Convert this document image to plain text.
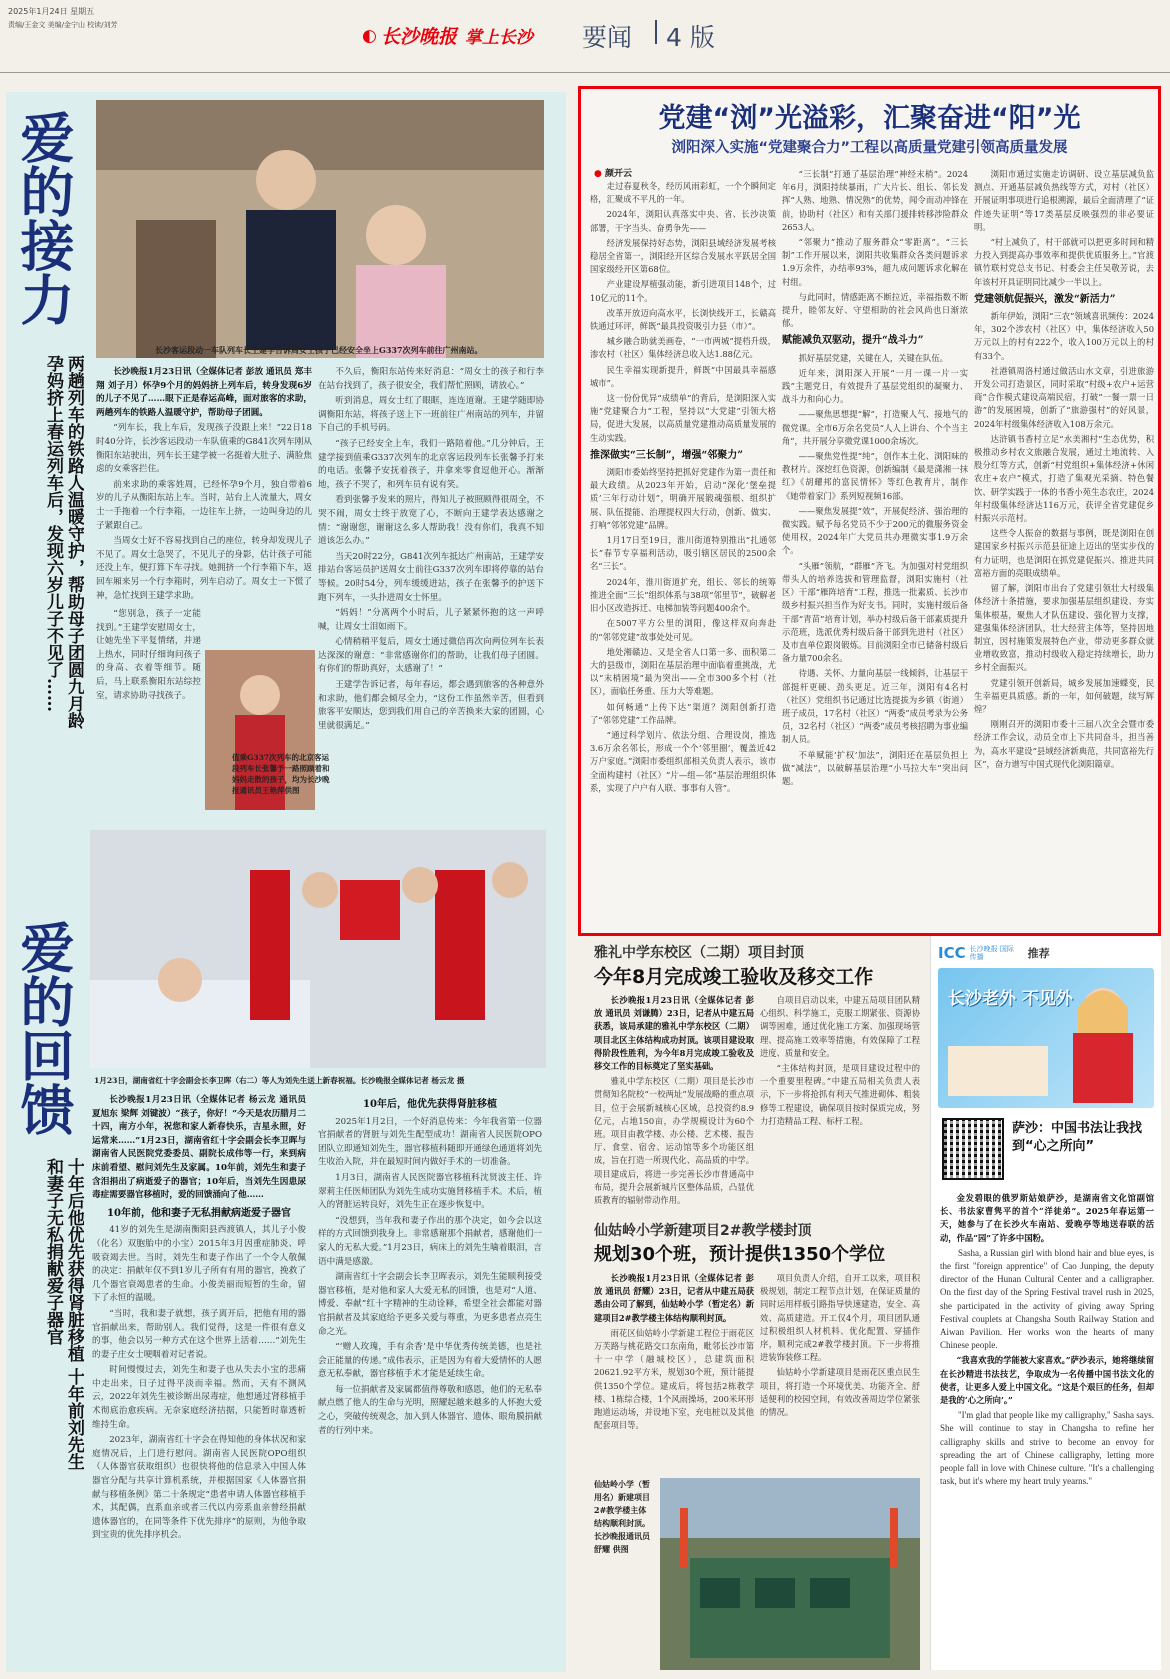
2025年1月24日 星期五
责编/王金文 美编/金宁山 校读/刘芳
◐ 长沙晚报 掌上长沙 要闻 4 版
爱的接力
两趟列车的铁路人温暖守护，帮助母子团圆九月龄孕妈挤上春运列车后，发现六岁儿子不见了……
长沙客运段动一车队列车长王建学告诉周女士孩子已经安全坐上G337次列车前往广州南站。

长沙晚报1月23日讯（全媒体记者 彭放 通讯员 郑丰翔 刘子月）怀孕9个月的妈妈挤上列车后，转身发现6岁的儿子不见了……眼下正是春运高峰，面对旅客的求助，两趟列车的铁路人温暖守护，帮助母子团圆。

“列车长，我上车后，发现孩子没跟上来！”22日18时40分许，长沙客运段动一车队值乘的G841次列车刚从衡阳东站驶出，列车长王建学被一名挺着大肚子、满脸焦虑的女乘客拦住。

前来求助的乘客姓周，已经怀孕9个月，独自带着6岁的儿子从衡阳东站上车。当时，站台上人流量大，周女士一手拖着一个行李箱，一边往车上挤，一边叫身边的儿子紧跟自己。

当周女士好不容易找到自己的座位，转身却发现儿子不见了。周女士急哭了，不见儿子的身影，估计孩子可能还没上车，便打算下车寻找。她拥挤一个行李箱下车，返回车厢来另一个行李箱时，列车启动了。周女士一下慌了神，急忙找到王建学求助。

“您别急，孩子一定能找到。”王建学安慰周女士，让她先坐下平复情绪，并递上热水，同时仔细询问孩子的身高、衣着等细节。随后，马上联系衡阳东站综控室，请求协助寻找孩子。

不久后，衡阳东站传来好消息：“周女士的孩子和行李在站台找到了，孩子很安全，我们帮忙照顾，请放心。”

听到消息，周女士红了眼眶，连连道谢。王建学随即协调衡阳东站，将孩子送上下一班前往广州南站的列车，并留下自己的手机号码。

“孩子已经安全上车，我们一路陪着他。”几分钟后，王建学接到值乘G337次列车的北京客运段列车长张馨予打来的电话。张馨予安抚着孩子，并拿来零食逗他开心。渐渐地，孩子不哭了，和列车员有说有笑。

看到张馨予发来的照片，得知儿子被照顾得很周全，不哭不闹，周女士终于放宽了心，不断向王建学表达感谢之情：“谢谢您，谢谢这么多人帮助我！没有你们，我真不知道该怎么办。”

当天20时22分，G841次列车抵达广州南站，王建学安排站台客运员护送周女士前往G337次列车即将停靠的站台等候。20时54分，列车缓缓进站，孩子在张馨予的护送下跑下列车，一头扑进周女士怀里。

“妈妈！”分离两个小时后，儿子紧紧怀抱的这一声呼喊，让周女士泪如雨下。

心情稍稍平复后，周女士通过微信再次向两位列车长表达深深的谢意：“非常感谢你们的帮助，让我们母子团圆。有你们的帮助真好，太感谢了！”

王建学告诉记者，每年春运，都会遇到旅客的各种意外和求助，他们都会倾尽全力，“这份工作虽然辛苦，但看到旅客平安顺达，您到我们用自己的辛苦换来大家的团圆，心里就很满足。”

值乘G337次列车的北京客运段列车长张馨予一路照顾着和妈妈走散的孩子，均为长沙晚报通讯员王艳萍供图
1月23日，湖南省红十字会副会长李卫晖（右二）等人为刘先生送上新春祝福。长沙晚报全媒体记者 杨云龙 摄
爱的回馈
十年后他优先获得肾脏移植 十年前刘先生和妻子无私捐献爱子器官

长沙晚报1月23日讯（全媒体记者 杨云龙 通讯员 夏旭东 梁辉 刘键波）“孩子，你好！”今天是农历腊月二十四，南方小年，祝您和家人新春快乐，吉星永照，好运常来……”1月23日，湖南省红十字会副会长李卫晖与湖南省人民医院党委委员、副院长成伟等一行，来到病床前看望、慰问刘先生及家属。10年前，刘先生和妻子含泪捐出了病逝爱子的器官；10年后，当刘先生因患尿毒症需要器官移植时，爱的回馈涌向了他……

10年前，他和妻子无私捐献病逝爱子器官

41岁的刘先生是湖南衡阳县西渡镇人，其儿子小俊（化名）双胞胎中的小宝）2015年3月因重症肺炎、呼吸衰竭去世。当时，刘先生和妻子作出了一个令人敬佩的决定：捐献年仅不到1岁儿子所有有用的器官，挽救了几个器官衰竭患者的生命。小俊美丽而短暂的生命，留下了永恒的温暖。

“当时，我和妻子就想，孩子离开后，把他有用的器官捐献出来，帮助别人。我们觉得，这是一件很有意义的事，他会以另一种方式在这个世界上活着……”刘先生的妻子庄女士哽咽着对记者说。

时间慢慢过去，刘先生和妻子也从失去小宝的悲痛中走出来，日子过得平淡而幸福。然而，天有不测风云，2022年刘先生被诊断出尿毒症，他想通过肾移植手术彻底治愈疾病。无奈家庭经济拮据，只能暂时靠透析维持生命。

2023年，湖南省红十字会在得知他的身体状况和家庭情况后，上门进行慰问。湖南省人民医院OPO组织（人体器官获取组织）也很快将他的信息录入中国人体器官分配与共享计算机系统，并根据国家《人体器官捐献与移植条例》第二十条规定“患者申请人体器官移植手术，其配偶，直系血亲或者三代以内旁系血亲曾经捐献遗体器官的，在同等条件下优先排序”的原则，为他争取到宝贵的优先排序机会。

10年后，他优先获得肾脏移植

2025年1月2日，一个好消息传来：今年我省第一位器官捐献者的肾脏与刘先生配型成功！湖南省人民医院OPO团队立即通知刘先生，器官移植科随即开通绿色通道将刘先生收治入院，并在最短时间内做好手术的一切准备。

1月3日，湖南省人民医院器官移植科沈贤波主任、许翠莉主任医师团队为刘先生成功实施肾移植手术。术后，植入的肾脏运转良好，刘先生正在逐步恢复中。

“没想到，当年我和妻子作出的那个决定，如今会以这样的方式回馈到我身上。非常感谢那个捐献者，感谢他们一家人的无私大爱。”1月23日，病床上的刘先生噙着眼泪，言语中满是感激。

湖南省红十字会副会长李卫晖表示，刘先生能顺利接受器官移植，是对他和家人大爱无私的回馈，也是对“人道、博爱、奉献”红十字精神的生动诠释，希望全社会都能对器官捐献者及其家庭给予更多关爱与尊重，为更多患者点亮生命之光。

“‘赠人玫瑰，手有余香’是中华优秀传统美德，也是社会正能量的传递。”成伟表示，正是因为有着大爱情怀的人愿意无私奉献，器官移植手术才能是延续生命。

每一位捐献者及家属都值得尊敬和感恩，他们的无私奉献点燃了他人的生命与光明，照耀起越来越多的人怀抱大爱之心，突破传统观念，加入到人体器官、遗体、眼角膜捐献者的行列中来。

党建“浏”光溢彩，汇聚奋进“阳”光
浏阳深入实施“党建聚合力”工程以高质量党建引领高质量发展
● 颜开云

走过春夏秋冬，经历风雨彩虹，一个个瞬间定格，汇聚成不平凡的一年。

2024年，浏阳认真落实中央、省、长沙决策部署，干字当头、奋勇争先——

经济发展保持好态势，浏阳县域经济发展考核稳居全省第一，浏阳经开区综合发展水平跃居全国国家级经开区第68位。

产业建设厚植强动能，新引进项目148个，过10亿元的11个。

改革开放迈向高水平，长浏快线开工，长赣高铁通过环评，鲜既“最具投资吸引力县（市）”。

城乡融合助就美画卷，“一市两城”提档升级，渗农村（社区）集体经济总收入达1.88亿元。

民生幸福实现新提升，鲜既“中国最具幸福感城市”。

这一份份优异“成绩单”的背后，是浏阳深入实施“党建聚合力”工程，坚持以“大党建”引领大格局，促进大发展，以高质量党建推动高质量发展的生动实践。

推深做实“三长制”，增强“邻聚力”

浏阳市委始终坚持把抓好党建作为第一责任和最大政绩。从2023年开始，启动“深化‘堡垒提质’三年行动计划”，明确开展锻魂强根、组织扩展、队伍提能、治理提权四大行动，创新、做实、打响“邻邻党建”品牌。

1月17日至19日，淮川街道特别推出“扎通邻长”春节专享福利活动，吸引辖区居民的2500余名“三长”。

2024年，淮川街道扩充，组长、邻长的统筹推进全面“三长”组织体系与38项“邻里节”，破解老旧小区改造拆迁、电梯加装等问题400余个。

在5007平方公里的浏阳，像这样双向奔赴的“邻邻党建”故事处处可见。

地处湘赣边、又是全省人口第一多、面积第二大的县级市，浏阳在基层治理中面临着重挑战，尤以“末梢困境”最为突出——全市300多个村（社区），面临任务重、压力大等难题。

如何畅通“上传下达”渠道？浏阳创新打造了“邻邻党建”工作品牌。

“通过科学划片、依法分组、合理设岗，推选3.6万余名邻长，形成一个个‘邻里圈’，覆盖近42万户家庭。”浏阳市委组织部相关负责人表示，该市全面构建村（社区）“片—组—邻”基层治理组织体系，实现了户户有人联、事事有人管”。

“三长制”打通了基层治理“神经末梢”。2024年6月，浏阳持续暴雨，广大片长、组长、邻长发挥“人熟、地熟、情况熟”的优势，闻令而动冲锋在前，协助村（社区）和有关部门援排转移涉险群众2653人。

“邻聚力”推动了服务群众“零距离”。“三长制”工作开展以来，浏阳共收集群众各类问题诉求1.9万余件，办结率93%，超九成问题诉求化解在村组。

与此同时，情感距离不断拉近，幸福指数不断提升，睦邻友好、守望相助的社会风尚也日渐浓郁。

赋能减负双驱动，提升“战斗力”

抓好基层党建，关键在人，关键在队伍。

近年来，浏阳深入开展“一月一课一片一实践”主题党日，有效提升了基层党组织的凝聚力、战斗力和向心力。

——聚焦思想提“解”，打造聚人气、接地气的微党课。全市6万余名党员“人人上讲台、个个当主角”，共开展分享微党课1000余场次。

——聚焦党性提“纯”，创作本土化、浏阳味的教材片。深挖红色资源，创新编制《最是潇湘一抹红》《胡耀邦的富民情怀》等红色教育片，制作《她带着家门》系列短视频16部。

——聚焦发展提“效”，开展促经济、强治理的微实践。赋予每名党员不少于200元的微服务资金使用权，2024年广大党员共办理微实事1.9万余个。

“头雁”领航，“群雁”齐飞。为加强对村党组织带头人的培养选拔和管理监督，浏阳实施村（社区）干部“雁阵培育”工程，推选一批素质、长沙市级乡村振兴担当作为好支书。同时，实施村级后备干部“青苗”培育计划，举办村级后备干部素质提升示范班，选派优秀村级后备干部到先进村（社区）及市直单位跟岗锻炼。目前浏阳全市已储备村级后备力量700余名。

待遇、关怀、力量向基层一线倾斜，让基层干部挺杆更硬、劲头更足。近三年，浏阳有4名村（社区）党组织书记通过比选提拔为乡镇（街道）班子成员，17名村（社区）“两委”成员考录为公务员，32名村（社区）“两委”成员考核招聘为事业编制人员。

不单赋能‘扩权’加法”，浏阳还在基层负担上做“减法”，以破解基层治理“小马拉大车”突出问题。

浏阳市通过实施走访调研、设立基层减负监测点、开通基层减负热线等方式，对村（社区）开展证明事项进行追根溯源，最后全面清理了“证件迹失证明”等17类基层反映强烈的非必要证明。

“村上减负了，村干部就可以把更多时间和精力投入到提高办事效率和提供优质服务上。”官渡镇竹联村党总支书记、村委会主任吴敬芳说，去年该村开具证明同比减少一半以上。

党建领航促振兴，激发“新活力”

新年伊始，浏阳“三农”领域喜讯频传：2024年，302个涉农村（社区）中，集体经济收入50万元以上的村有222个，收入100万元以上的村有33个。

社港镇周洛村通过做活山水文章，引进旅游开发公司打造景区，同时采取“村级+农户+运营商”合作模式建设高端民宿，打破“一餐一票一日游”的发展困境，创新了“旅游强村”的好风景，2024年村级集体经济收入108万余元。

达浒镇书香村立足“水美湘村”生态优势，积极推动乡村农文旅融合发展，通过土地流转、入股分红等方式，创新“村党组织+集体经济+休闲农庄+农户”模式，打造了集观光采摘、特色餐饮、研学实践于一体的书香小苑生态农庄，2024年村级集体经济达116万元，获评全省党建促乡村振兴示范村。

这些令人振奋的数据与事例，既是浏阳在创建国家乡村振兴示范县征途上迈出的坚实步伐的有力证明，也是浏阳在抓党建促振兴、推进共同富裕方面的亮眼成绩单。

留了解，浏阳市出台了党建引领壮大村级集体经济十条措施，要求加强基层组织建设、夯实集体根基，聚焦人才队伍建设、强化智力支撑，建强集体经济团队，壮大经营主体等，坚持因地制宜，因村施策发展特色产业，带动更多群众就业增收致富，推动村级收入稳定持续增长，助力乡村全面振兴。

党建引领开创新局，城乡发展加速蝶变，民生幸福更具质感。新的一年，如何破题，续写辉煌？

刚刚召开的浏阳市委十三届八次全会暨市委经济工作会议，动员全市上下共同奋斗，担当善为，高水平建设“县域经济新典范，共同富裕先行区”，奋力谱写中国式现代化浏阳篇章。

雅礼中学东校区（二期）项目封顶
今年8月完成竣工验收及移交工作

长沙晚报1月23日讯（全媒体记者 彭放 通讯员 刘谦腾）23日，记者从中建五局获悉，该局承建的雅礼中学东校区（二期）项目北区主体结构成功封顶。该项目建设取得阶段性胜利，为今年8月完成竣工验收及移交工作的目标奠定了坚实基础。

雅礼中学东校区（二期）项目是长沙市贯彻知名院校“一校两址”发展战略的重点项目，位于会展新城核心区域，总投资约8.9亿元，占地150亩，办学规模设计为60个班。项目由教学楼、办公楼、艺术楼、报告厅、食堂、宿舍、运动馆等多个功能区组成，旨在打造一所现代化、高品质的中学。项目建成后，将进一步完善长沙市普通高中布局，提升会展新城片区整体品质，凸显优质教育的辐射带动作用。

自项目启动以来，中建五局项目团队精心组织、科学施工，克服工期紧张、资源协调等困难，通过优化施工方案、加强现场管理、提高施工效率等措施，有效保障了工程进度、质量和安全。

“主体结构封顶，是项目建设过程中的一个重要里程碑。”中建五局相关负责人表示，下一步将抢抓有利天气推进砌体、粗装修等工程建设，确保项目按时保质完成，努力打造精品工程、标杆工程。

仙姑岭小学新建项目2#教学楼封顶
规划30个班，预计提供1350个学位

长沙晚报1月23日讯（全媒体记者 彭放 通讯员 舒耀）23日，记者从中建五局获悉由公司了解到，仙姑岭小学（暂定名）新建项目2#教学楼主体结构顺利封顶。

雨花区仙姑岭小学新建工程位于雨花区万芙路与桃花路交口东南角，毗邻长沙市第十一中学（融城校区），总建筑面积20621.92平方米，规划30个班，预计能提供1350个学位。建成后，将包括2栋教学楼、1栋综合楼，1个风雨操场，200米环形跑道运动场，并设地下室，充电桩以及其他配套项目等。

项目负责人介绍，自开工以来，项目积极规划，制定工程节点计划，在保证质量的同时运用样板引路指导快速建造，安全、高效、高质建造。开工仅4个月，项目团队通过积极组织人材机料、优化配置、穿插作序，顺利完成2#教学楼封顶。下一步将推进装饰装修工程。

仙姑岭小学新建项目是雨花区重点民生项目，将打造一个环境优美、功能齐全、舒适便利的校园空间，有效改善周边学位紧张的情况。

仙姑岭小学（暂用名）新建项目2#教学楼主体结构顺利封顶。长沙晚报通讯员 舒耀 供图
ICC 长沙晚报 国际传播	推荐
长沙老外 不见外
萨沙：中国书法让我找到“心之所向”

金发碧眼的俄罗斯姑娘萨沙，是湖南省文化馆副馆长、书法家曹隽平的首个“洋徒弟”。2025年春运第一天，她参与了在长沙火车南站、爱晚亭等地送春联的活动，作品“园”了许多中国粉。

Sasha, a Russian girl with blond hair and blue eyes, is the first "foreign apprentice" of Cao Junping, the deputy director of the Hunan Cultural Center and a calligrapher. On the first day of the Spring Festival travel rush in 2025, she participated in the activity of giving away Spring Festival couplets at Changsha South Railway Station and Aiwan Pavilion. Her works won the hearts of many Chinese people.

“我喜欢我的学能被大家喜欢。”萨沙表示，她将继续留在长沙精进书法技艺，争取成为一名传播中国书法文化的使者，让更多人爱上中国文化。“这是个艰巨的任务，但却是我的‘心之所向’。”

"I'm glad that people like my calligraphy," Sasha says. She will continue to stay in Changsha to refine her calligraphy skills and strive to become an envoy for spreading the art of Chinese calligraphy, letting more people fall in love with Chinese culture. "It's a challenging task, but it's where my heart truly yearns."
